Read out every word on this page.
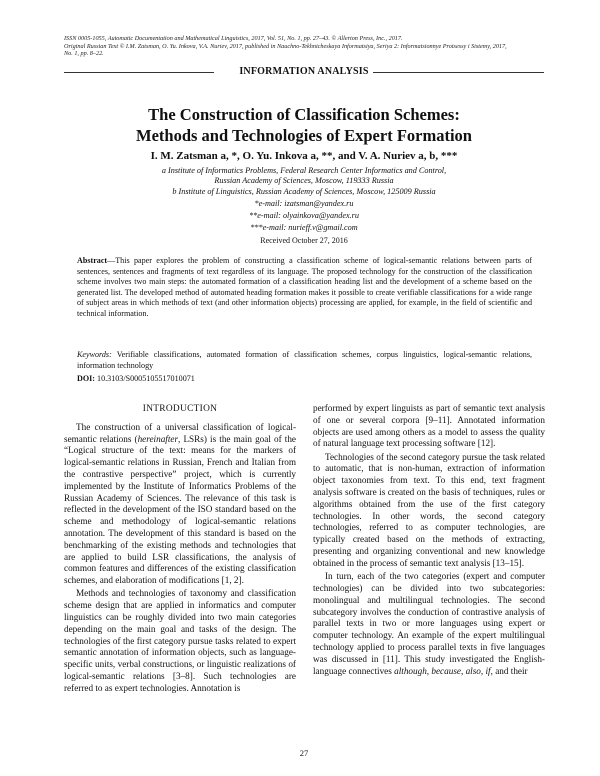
ISSN 0005-1055, Automatic Documentation and Mathematical Linguistics, 2017, Vol. 51, No. 1, pp. 27–43. © Allerton Press, Inc., 2017.
Original Russian Text © I.M. Zatsman, O. Yu. Inkova, V.A. Nuriev, 2017, published in Nauchno-Tekhnicheskaya Informatsiya, Seriya 2: Informatsionnye Protsessy i Sistemy, 2017,
No. 1, pp. 8–22.
INFORMATION ANALYSIS
The Construction of Classification Schemes:
Methods and Technologies of Expert Formation
I. M. Zatsman a, *, O. Yu. Inkova a, **, and V. A. Nuriev a, b, ***
a Institute of Informatics Problems, Federal Research Center Informatics and Control,
Russian Academy of Sciences, Moscow, 119333 Russia
b Institute of Linguistics, Russian Academy of Sciences, Moscow, 125009 Russia
*e-mail: izatsman@yandex.ru
**e-mail: olyainkova@yandex.ru
***e-mail: nurieff.v@gmail.com
Received October 27, 2016
Abstract—This paper explores the problem of constructing a classification scheme of logical-semantic relations between parts of sentences, sentences and fragments of text regardless of its language. The proposed technology for the construction of the classification scheme involves two main steps: the automated formation of a classification heading list and the development of a scheme based on the generated list. The developed method of automated heading formation makes it possible to create verifiable classifications for a wide range of subject areas in which methods of text (and other information objects) processing are applied, for example, in the field of scientific and technical information.
Keywords: Verifiable classifications, automated formation of classification schemes, corpus linguistics, logical-semantic relations, information technology
DOI: 10.3103/S0005105517010071
INTRODUCTION

The construction of a universal classification of logical-semantic relations (hereinafter, LSRs) is the main goal of the “Logical structure of the text: means for the markers of logical-semantic relations in Russian, French and Italian from the contrastive perspective” project, which is currently implemented by the Institute of Informatics Problems of the Russian Academy of Sciences. The relevance of this task is reflected in the development of the ISO standard based on the scheme and methodology of logical-semantic relations annotation. The development of this standard is based on the benchmarking of the existing methods and technologies that are applied to build LSR classifications, the analysis of common features and differences of the existing classification schemes, and elaboration of modifications [1, 2].

Methods and technologies of taxonomy and classification scheme design that are applied in informatics and computer linguistics can be roughly divided into two main categories depending on the main goal and tasks of the design. The technologies of the first category pursue tasks related to expert semantic annotation of information objects, such as language-specific units, verbal constructions, or linguistic realizations of logical-semantic relations [3–8]. Such technologies are referred to as expert technologies. Annotation is

performed by expert linguists as part of semantic text analysis of one or several corpora [9–11]. Annotated information objects are used among others as a model to assess the quality of natural language text processing software [12].

Technologies of the second category pursue the task related to automatic, that is non-human, extraction of information object taxonomies from text. To this end, text fragment analysis software is created on the basis of techniques, rules or algorithms obtained from the use of the first category technologies. In other words, the second category technologies, referred to as computer technologies, are typically created based on the methods of extracting, presenting and organizing conventional and new knowledge obtained in the process of semantic text analysis [13–15].

In turn, each of the two categories (expert and computer technologies) can be divided into two subcategories: monolingual and multilingual technologies. The second subcategory involves the conduction of contrastive analysis of parallel texts in two or more languages using expert or computer technology. An example of the expert multilingual technology applied to process parallel texts in five languages was discussed in [11]. This study investigated the English-language connectives although, because, also, if, and their

27
